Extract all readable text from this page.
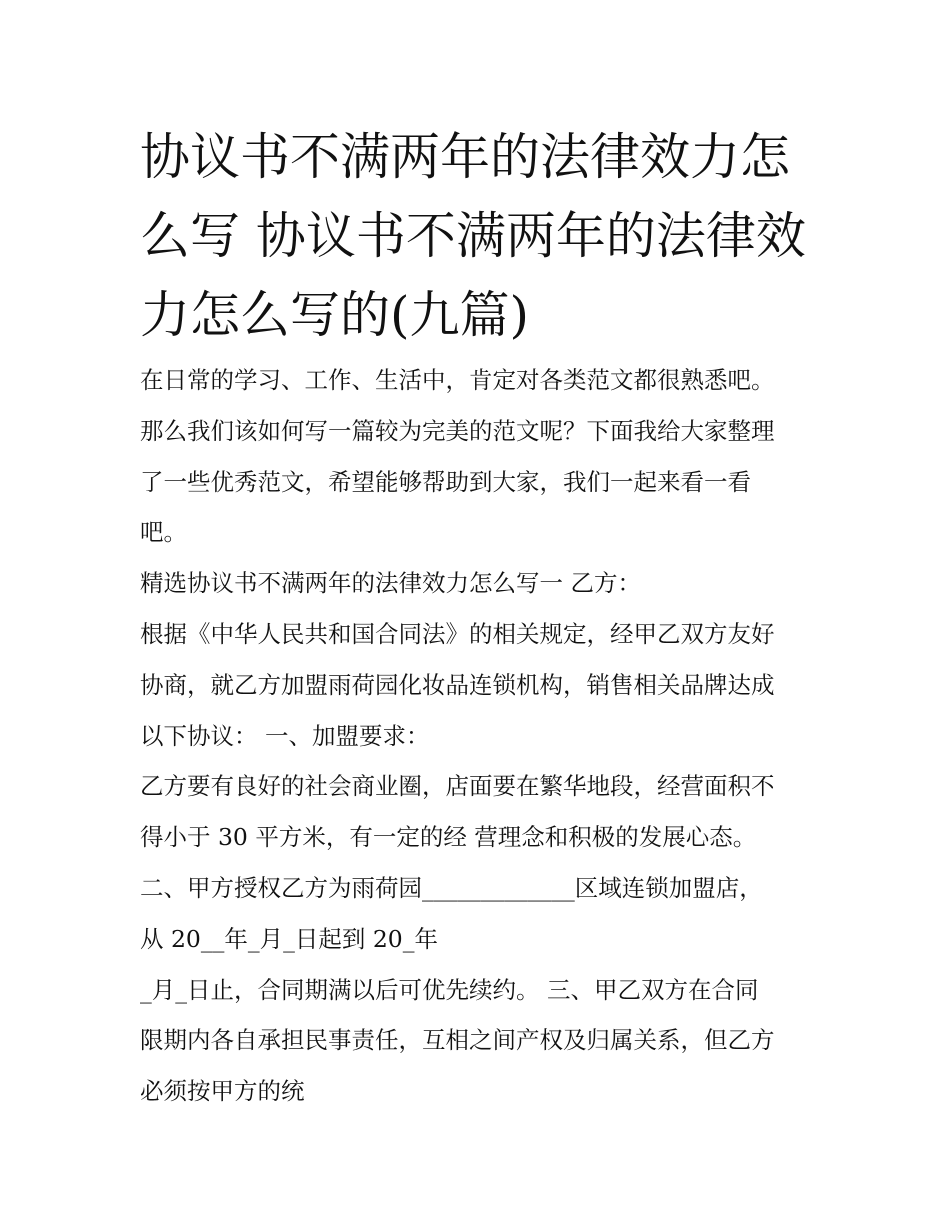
协议书不满两年的法律效力怎
么写 协议书不满两年的法律效
力怎么写的(九篇)
在日常的学习、工作、生活中，肯定对各类范文都很熟悉吧。
那么我们该如何写一篇较为完美的范文呢？下面我给大家整理
了一些优秀范文，希望能够帮助到大家，我们一起来看一看
吧。
精选协议书不满两年的法律效力怎么写一 乙方：
根据《中华人民共和国合同法》的相关规定，经甲乙双方友好
协商，就乙方加盟雨荷园化妆品连锁机构，销售相关品牌达成
以下协议： 一、加盟要求：
乙方要有良好的社会商业圈，店面要在繁华地段，经营面积不
得小于 30 平方米，有一定的经 营理念和积极的发展心态。
二、甲方授权乙方为雨荷园_____________区域连锁加盟店，
从 20__年_月_日起到 20_年
_月_日止，合同期满以后可优先续约。 三、甲乙双方在合同
限期内各自承担民事责任，互相之间产权及归属关系，但乙方
必须按甲方的统
